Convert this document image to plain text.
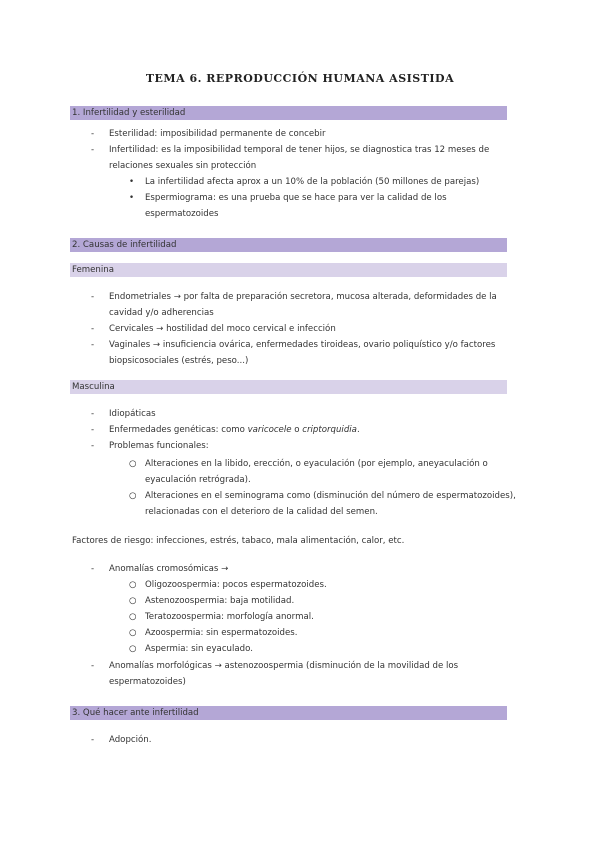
TEMA 6. REPRODUCCIÓN HUMANA ASISTIDA
1. Infertilidad y esterilidad
- Esterilidad: imposibilidad permanente de concebir
- Infertilidad: es la imposibilidad temporal de tener hijos, se diagnostica tras 12 meses de
relaciones sexuales sin protección
• La infertilidad afecta aprox a un 10% de la población (50 millones de parejas)
• Espermiograma: es una prueba que se hace para ver la calidad de los
espermatozoides
2. Causas de infertilidad
Femenina
- Endometriales → por falta de preparación secretora, mucosa alterada, deformidades de la
cavidad y/o adherencias
- Cervicales → hostilidad del moco cervical e infección
- Vaginales → insuficiencia ovárica, enfermedades tiroideas, ovario poliquístico y/o factores
biopsicosociales (estrés, peso...)
Masculina
- Idiopáticas
- Enfermedades genéticas: como varicocele o criptorquidia.
- Problemas funcionales:
○ Alteraciones en la libido, erección, o eyaculación (por ejemplo, aneyaculación o
eyaculación retrógrada).
○ Alteraciones en el seminograma como (disminución del número de espermatozoides),
relacionadas con el deterioro de la calidad del semen.
Factores de riesgo: infecciones, estrés, tabaco, mala alimentación, calor, etc.
- Anomalías cromosómicas →
○ Oligozoospermia: pocos espermatozoides.
○ Astenozoospermia: baja motilidad.
○ Teratozoospermia: morfología anormal.
○ Azoospermia: sin espermatozoides.
○ Aspermia: sin eyaculado.
- Anomalías morfológicas → astenozoospermia (disminución de la movilidad de los
espermatozoides)
3. Qué hacer ante infertilidad
- Adopción.
